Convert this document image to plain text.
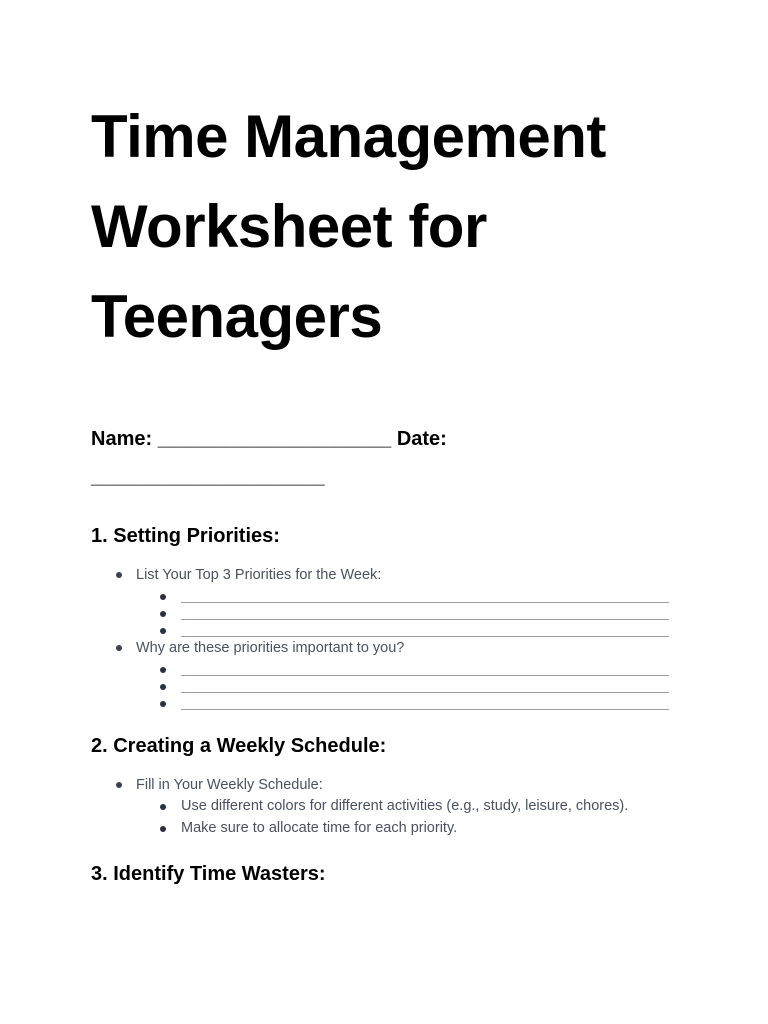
Time Management Worksheet for Teenagers
Name: _____________________ Date: _____________________
1. Setting Priorities:
List Your Top 3 Priorities for the Week:
Why are these priorities important to you?
2. Creating a Weekly Schedule:
Fill in Your Weekly Schedule:
Use different colors for different activities (e.g., study, leisure, chores).
Make sure to allocate time for each priority.
3. Identify Time Wasters:
